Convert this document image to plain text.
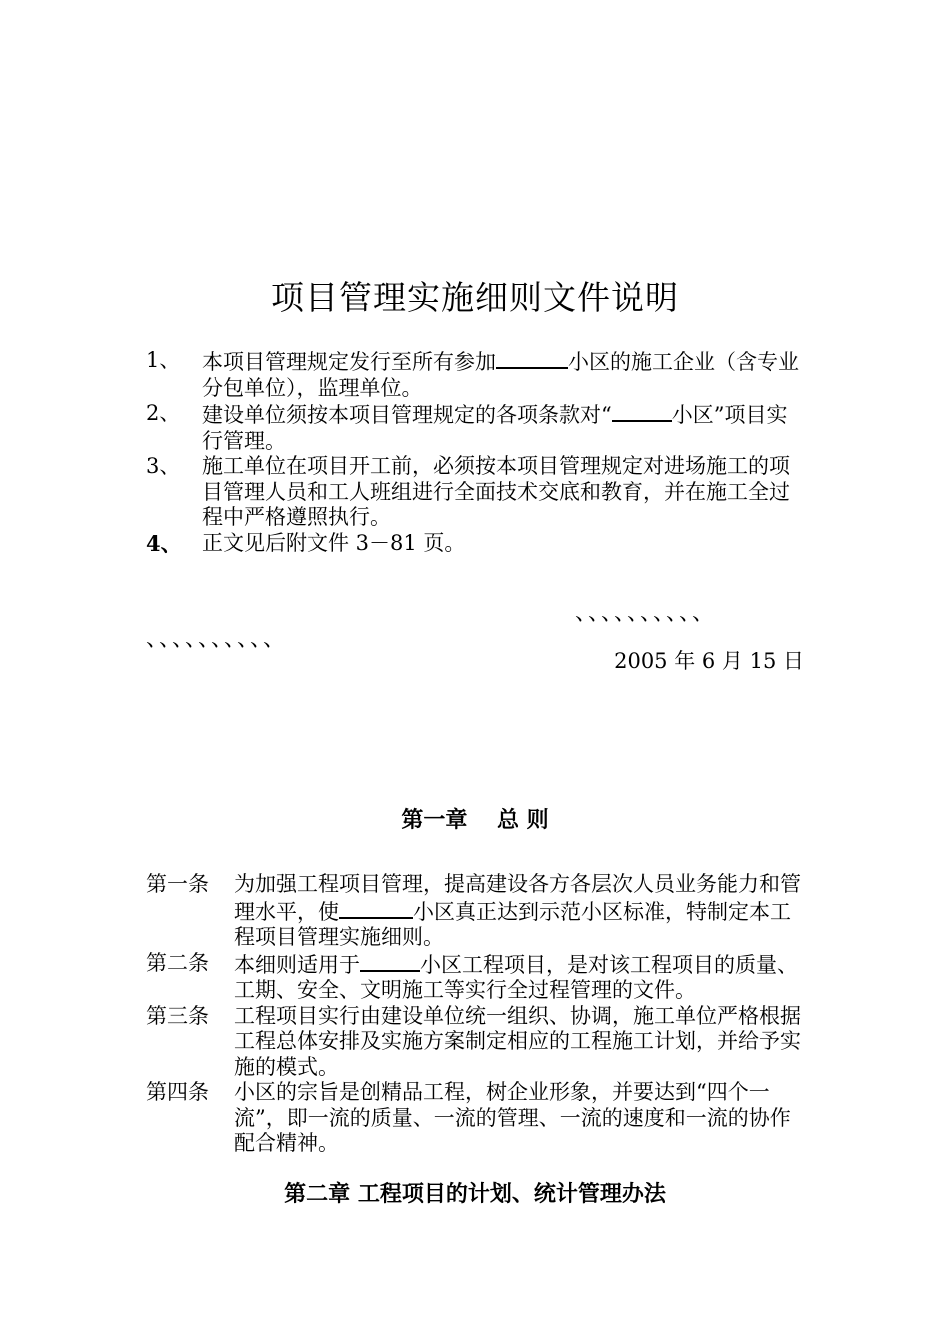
项目管理实施细则文件说明
1、 本项目管理规定发行至所有参加	小区的施工企业（含专业分包单位），监理单位。
2、 建设单位须按本项目管理规定的各项条款对“	小区”项目实行管理。
3、 施工单位在项目开工前，必须按本项目管理规定对进场施工的项目管理人员和工人班组进行全面技术交底和教育，并在施工全过程中严格遵照执行。
4、 正文见后附文件 3－81 页。
、、、、、、、、、、
、、、、、、、、、、
2005 年 6 月 15 日
第一章　 总 则
第一条 为加强工程项目管理，提高建设各方各层次人员业务能力和管理水平，使	小区真正达到示范小区标准，特制定本工程项目管理实施细则。
第二条 本细则适用于	小区工程项目，是对该工程项目的质量、工期、安全、文明施工等实行全过程管理的文件。
第三条 工程项目实行由建设单位统一组织、协调，施工单位严格根据工程总体安排及实施方案制定相应的工程施工计划，并给予实施的模式。
第四条 小区的宗旨是创精品工程，树企业形象，并要达到“四个一流”，即一流的质量、一流的管理、一流的速度和一流的协作配合精神。
第二章 工程项目的计划、统计管理办法
